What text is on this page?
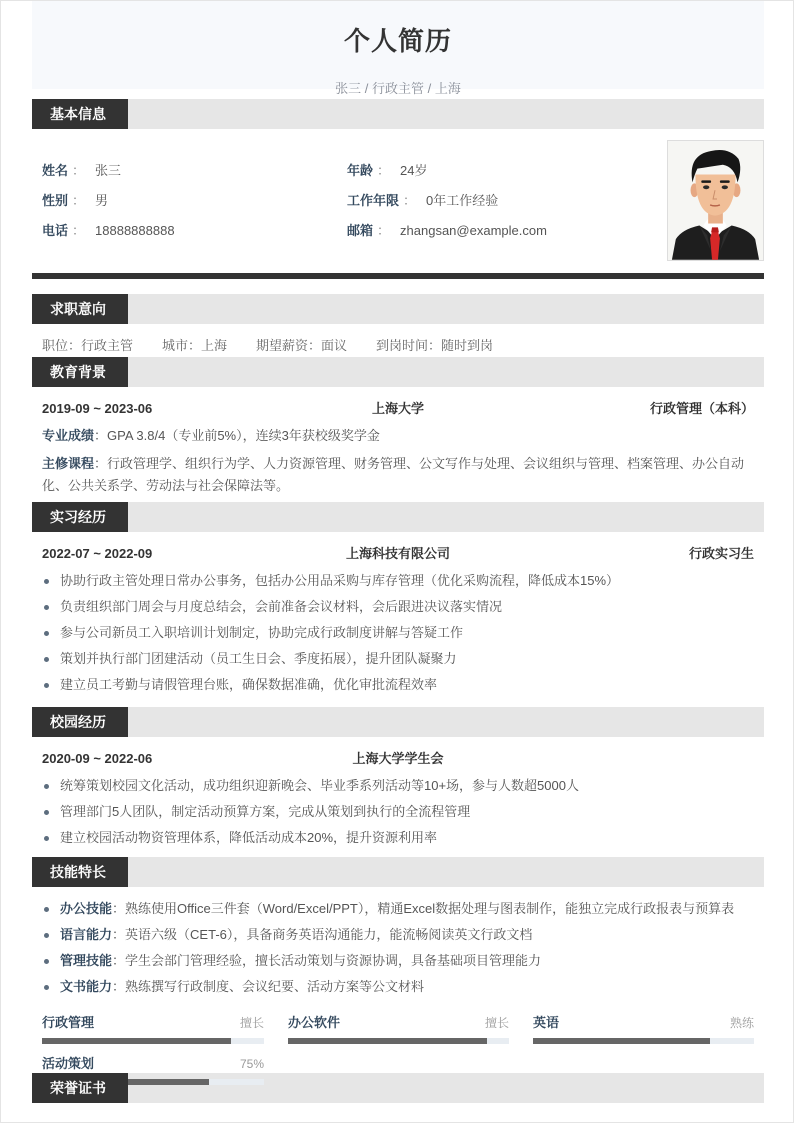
个人简历
张三 / 行政主管 / 上海
基本信息
姓名 ： 张三
性别 ： 男
电话 ： 18888888888
年龄 ： 24岁
工作年限 ： 0年工作经验
邮箱 ： zhangsan@example.com
求职意向
职位：行政主管 城市：上海 期望薪资：面议 到岗时间：随时到岗
教育背景
2019-09 ~ 2023-06	上海大学	行政管理（本科）
专业成绩：GPA 3.8/4（专业前5%），连续3年获校级奖学金
主修课程：行政管理学、组织行为学、人力资源管理、财务管理、公文写作与处理、会议组织与管理、档案管理、办公自动化、公共关系学、劳动法与社会保障法等。
实习经历
2022-07 ~ 2022-09	上海科技有限公司	行政实习生
协助行政主管处理日常办公事务，包括办公用品采购与库存管理（优化采购流程，降低成本15%）
负责组织部门周会与月度总结会，会前准备会议材料，会后跟进决议落实情况
参与公司新员工入职培训计划制定，协助完成行政制度讲解与答疑工作
策划并执行部门团建活动（员工生日会、季度拓展），提升团队凝聚力
建立员工考勤与请假管理台账，确保数据准确，优化审批流程效率
校园经历
2020-09 ~ 2022-06	上海大学学生会
统筹策划校园文化活动，成功组织迎新晚会、毕业季系列活动等10+场，参与人数超5000人
管理部门5人团队，制定活动预算方案，完成从策划到执行的全流程管理
建立校园活动物资管理体系，降低活动成本20%，提升资源利用率
技能特长
办公技能：熟练使用Office三件套（Word/Excel/PPT），精通Excel数据处理与图表制作，能独立完成行政报表与预算表
语言能力：英语六级（CET-6），具备商务英语沟通能力，能流畅阅读英文行政文档
管理技能：学生会部门管理经验，擅长活动策划与资源协调，具备基础项目管理能力
文书能力：熟练撰写行政制度、会议纪要、活动方案等公文材料
行政管理	擅长 办公软件	擅长 英语	熟练
活动策划	75%
荣誉证书
